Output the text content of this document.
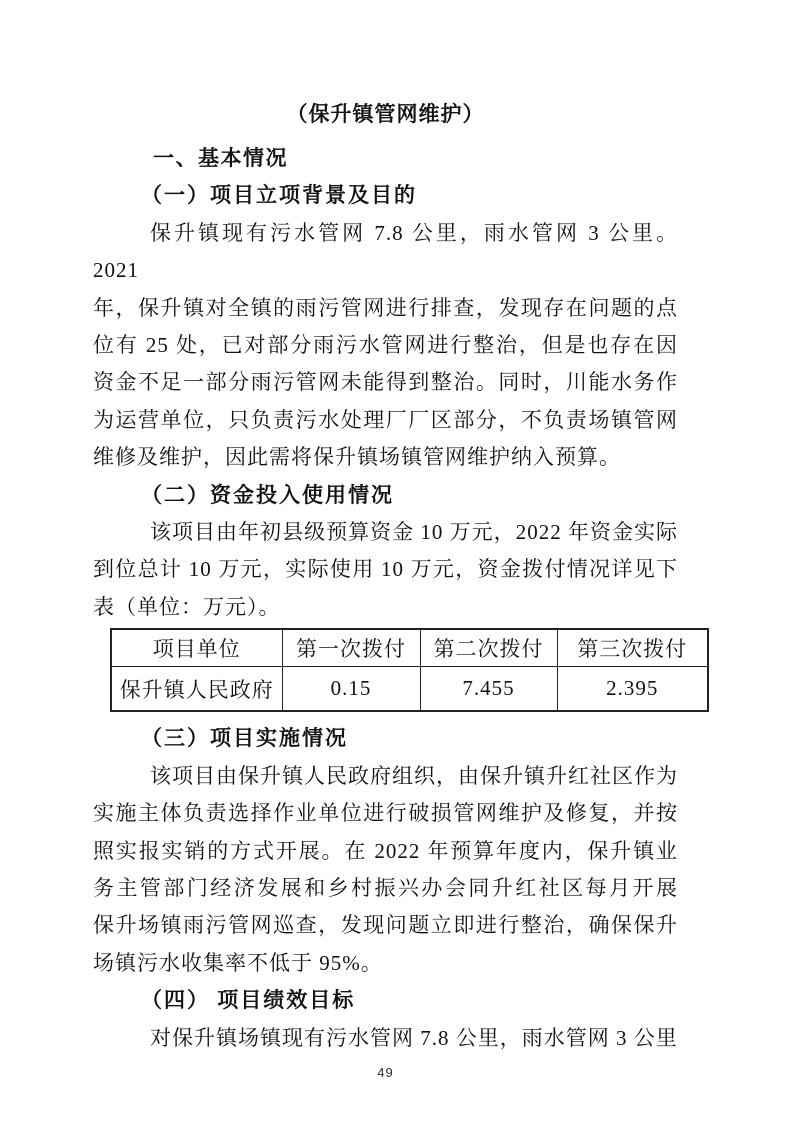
（保升镇管网维护）
一、基本情况
（一）项目立项背景及目的
保升镇现有污水管网 7.8 公里，雨水管网 3 公里。2021
年，保升镇对全镇的雨污管网进行排查，发现存在问题的点
位有 25 处，已对部分雨污水管网进行整治，但是也存在因
资金不足一部分雨污管网未能得到整治。同时，川能水务作
为运营单位，只负责污水处理厂厂区部分，不负责场镇管网
维修及维护，因此需将保升镇场镇管网维护纳入预算。
（二）资金投入使用情况
该项目由年初县级预算资金 10 万元，2022 年资金实际
到位总计 10 万元，实际使用 10 万元，资金拨付情况详见下
表（单位：万元）。
项目单位	第一次拨付	第二次拨付	第三次拨付
保升镇人民政府	0.15	7.455	2.395
（三）项目实施情况
该项目由保升镇人民政府组织，由保升镇升红社区作为
实施主体负责选择作业单位进行破损管网维护及修复，并按
照实报实销的方式开展。在 2022 年预算年度内，保升镇业
务主管部门经济发展和乡村振兴办会同升红社区每月开展
保升场镇雨污管网巡查，发现问题立即进行整治，确保保升
场镇污水收集率不低于 95%。
（四） 项目绩效目标
对保升镇场镇现有污水管网 7.8 公里，雨水管网 3 公里
49
